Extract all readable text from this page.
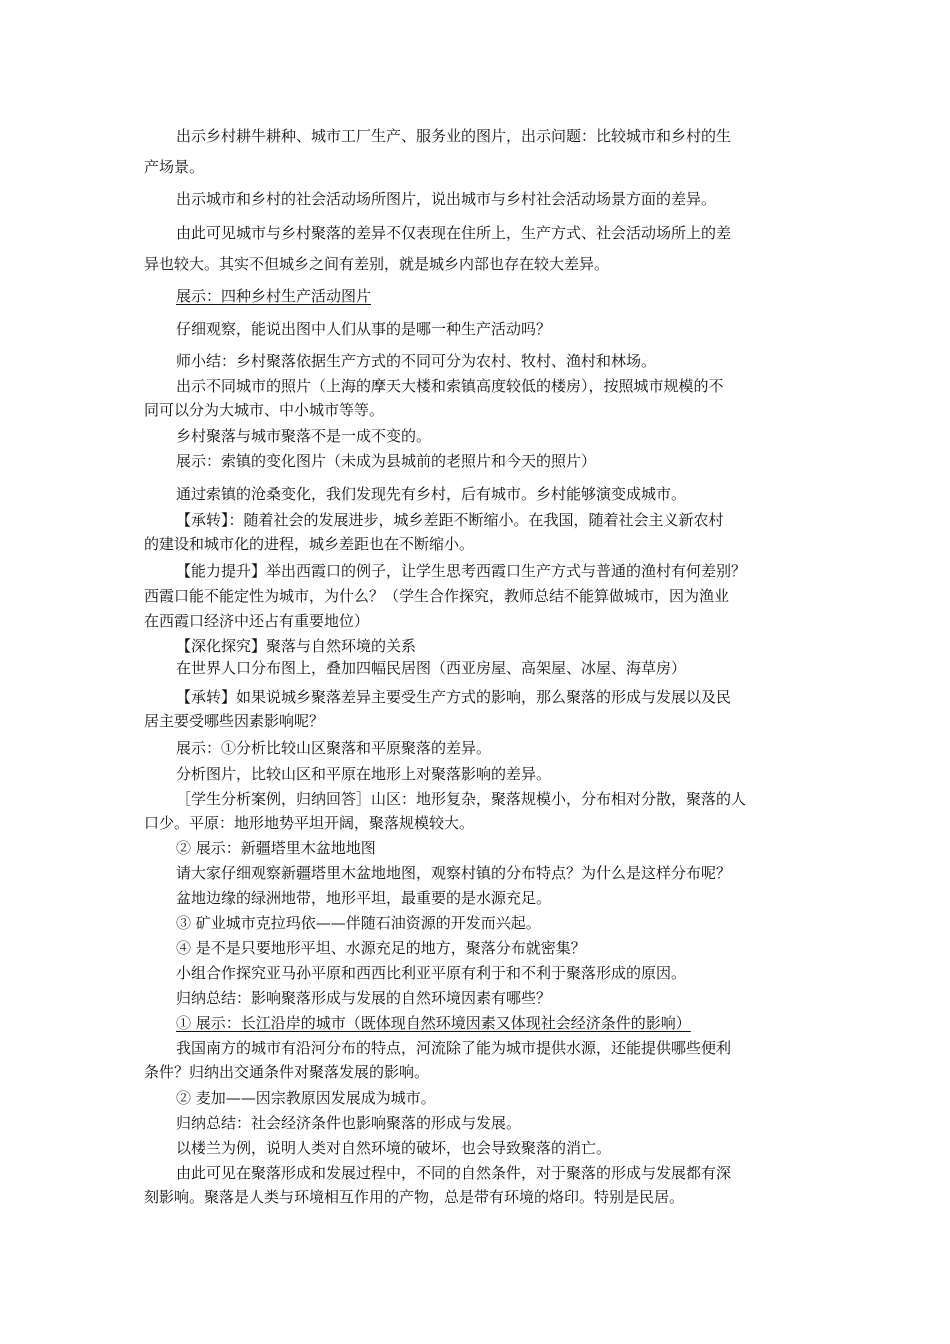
出示乡村耕牛耕种、城市工厂生产、服务业的图片，出示问题：比较城市和乡村的生
产场景。
出示城市和乡村的社会活动场所图片，说出城市与乡村社会活动场景方面的差异。
由此可见城市与乡村聚落的差异不仅表现在住所上，生产方式、社会活动场所上的差
异也较大。其实不但城乡之间有差别，就是城乡内部也存在较大差异。
展示：四种乡村生产活动图片
仔细观察，能说出图中人们从事的是哪一种生产活动吗？
师小结：乡村聚落依据生产方式的不同可分为农村、牧村、渔村和林场。
出示不同城市的照片（上海的摩天大楼和索镇高度较低的楼房），按照城市规模的不
同可以分为大城市、中小城市等等。
乡村聚落与城市聚落不是一成不变的。
展示：索镇的变化图片（未成为县城前的老照片和今天的照片）
通过索镇的沧桑变化，我们发现先有乡村，后有城市。乡村能够演变成城市。
【承转】：随着社会的发展进步，城乡差距不断缩小。在我国，随着社会主义新农村
的建设和城市化的进程，城乡差距也在不断缩小。
【能力提升】举出西霞口的例子，让学生思考西霞口生产方式与普通的渔村有何差别？
西霞口能不能定性为城市，为什么？（学生合作探究，教师总结不能算做城市，因为渔业
在西霞口经济中还占有重要地位）
【深化探究】聚落与自然环境的关系
在世界人口分布图上，叠加四幅民居图（西亚房屋、高架屋、冰屋、海草房）
【承转】如果说城乡聚落差异主要受生产方式的影响，那么聚落的形成与发展以及民
居主要受哪些因素影响呢？
展示：①分析比较山区聚落和平原聚落的差异。
分析图片，比较山区和平原在地形上对聚落影响的差异。
［学生分析案例，归纳回答］山区：地形复杂，聚落规模小，分布相对分散，聚落的人
口少。平原：地形地势平坦开阔，聚落规模较大。
② 展示：新疆塔里木盆地地图
请大家仔细观察新疆塔里木盆地地图，观察村镇的分布特点？为什么是这样分布呢？
盆地边缘的绿洲地带，地形平坦，最重要的是水源充足。
③ 矿业城市克拉玛依——伴随石油资源的开发而兴起。
④ 是不是只要地形平坦、水源充足的地方，聚落分布就密集？
小组合作探究亚马孙平原和西西比利亚平原有利于和不利于聚落形成的原因。
归纳总结：影响聚落形成与发展的自然环境因素有哪些？
① 展示：长江沿岸的城市（既体现自然环境因素又体现社会经济条件的影响）
我国南方的城市有沿河分布的特点，河流除了能为城市提供水源，还能提供哪些便利
条件？归纳出交通条件对聚落发展的影响。
② 麦加——因宗教原因发展成为城市。
归纳总结：社会经济条件也影响聚落的形成与发展。
以楼兰为例，说明人类对自然环境的破坏，也会导致聚落的消亡。
由此可见在聚落形成和发展过程中，不同的自然条件，对于聚落的形成与发展都有深
刻影响。聚落是人类与环境相互作用的产物，总是带有环境的烙印。特别是民居。
